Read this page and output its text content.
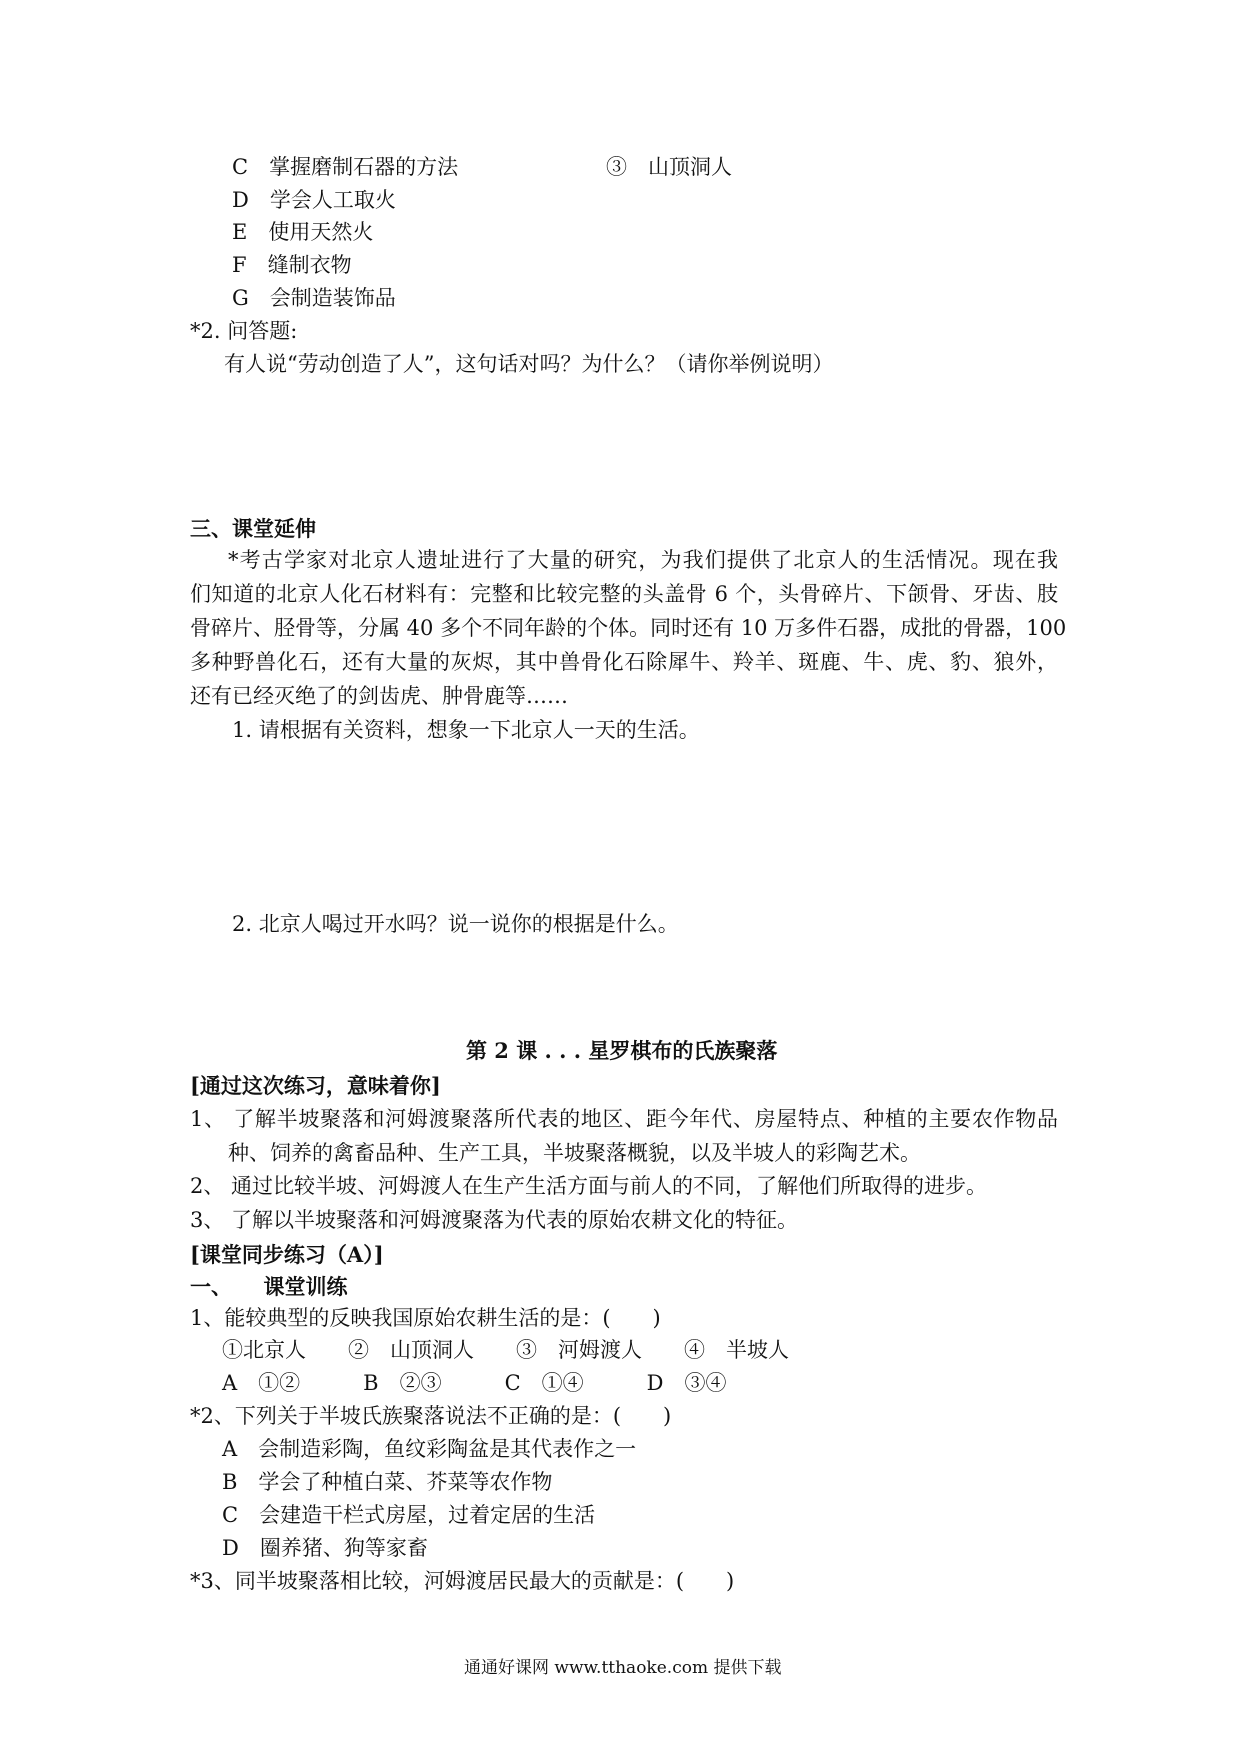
C　掌握磨制石器的方法	③　山顶洞人
D　学会人工取火
E　使用天然火
F　缝制衣物
G　会制造装饰品
*2. 问答题:
有人说“劳动创造了人”，这句话对吗？为什么？（请你举例说明）
三、课堂延伸
*考古学家对北京人遗址进行了大量的研究，为我们提供了北京人的生活情况。现在我
们知道的北京人化石材料有：完整和比较完整的头盖骨 6 个，头骨碎片、下颌骨、牙齿、肢
骨碎片、胫骨等，分属 40 多个不同年龄的个体。同时还有 10 万多件石器，成批的骨器，100
多种野兽化石，还有大量的灰烬，其中兽骨化石除犀牛、羚羊、斑鹿、牛、虎、豹、狼外，
还有已经灭绝了的剑齿虎、肿骨鹿等……
1. 请根据有关资料，想象一下北京人一天的生活。
2. 北京人喝过开水吗？说一说你的根据是什么。
第 2 课 . . . 星罗棋布的氏族聚落
[通过这次练习，意味着你]
1、 了解半坡聚落和河姆渡聚落所代表的地区、距今年代、房屋特点、种植的主要农作物品
种、饲养的禽畜品种、生产工具，半坡聚落概貌，以及半坡人的彩陶艺术。
2、 通过比较半坡、河姆渡人在生产生活方面与前人的不同，了解他们所取得的进步。
3、 了解以半坡聚落和河姆渡聚落为代表的原始农耕文化的特征。
[课堂同步练习（A）]
一、　　课堂训练
1、能较典型的反映我国原始农耕生活的是：(　　)
①北京人　　②　山顶洞人　　③　河姆渡人　　④　半坡人
A　①②　　　B　②③　　　C　①④　　　D　③④
*2、下列关于半坡氏族聚落说法不正确的是：(　　)
A　会制造彩陶，鱼纹彩陶盆是其代表作之一
B　学会了种植白菜、芥菜等农作物
C　会建造干栏式房屋，过着定居的生活
D　圈养猪、狗等家畜
*3、同半坡聚落相比较，河姆渡居民最大的贡献是：(　　)
通通好课网 www.tthaoke.com 提供下载
